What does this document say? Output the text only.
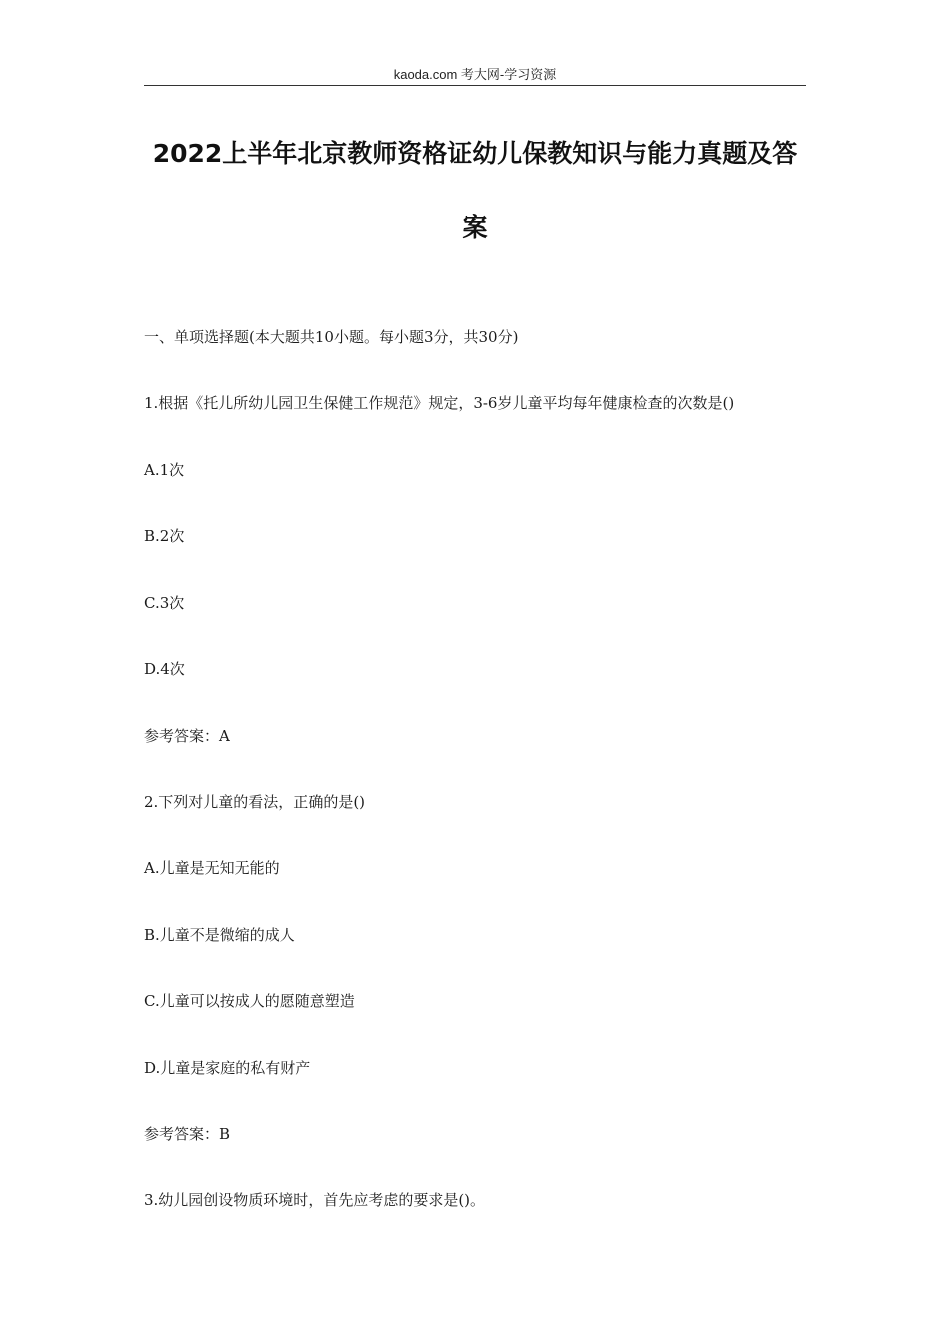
kaoda.com 考大网-学习资源
2022上半年北京教师资格证幼儿保教知识与能力真题及答
案
一、单项选择题(本大题共10小题。每小题3分，共30分)
1.根据《托儿所幼儿园卫生保健工作规范》规定，3-6岁儿童平均每年健康检查的次数是()
A.1次
B.2次
C.3次
D.4次
参考答案：A
2.下列对儿童的看法，正确的是()
A.儿童是无知无能的
B.儿童不是微缩的成人
C.儿童可以按成人的愿随意塑造
D.儿童是家庭的私有财产
参考答案：B
3.幼儿园创设物质环境时，首先应考虑的要求是()。
